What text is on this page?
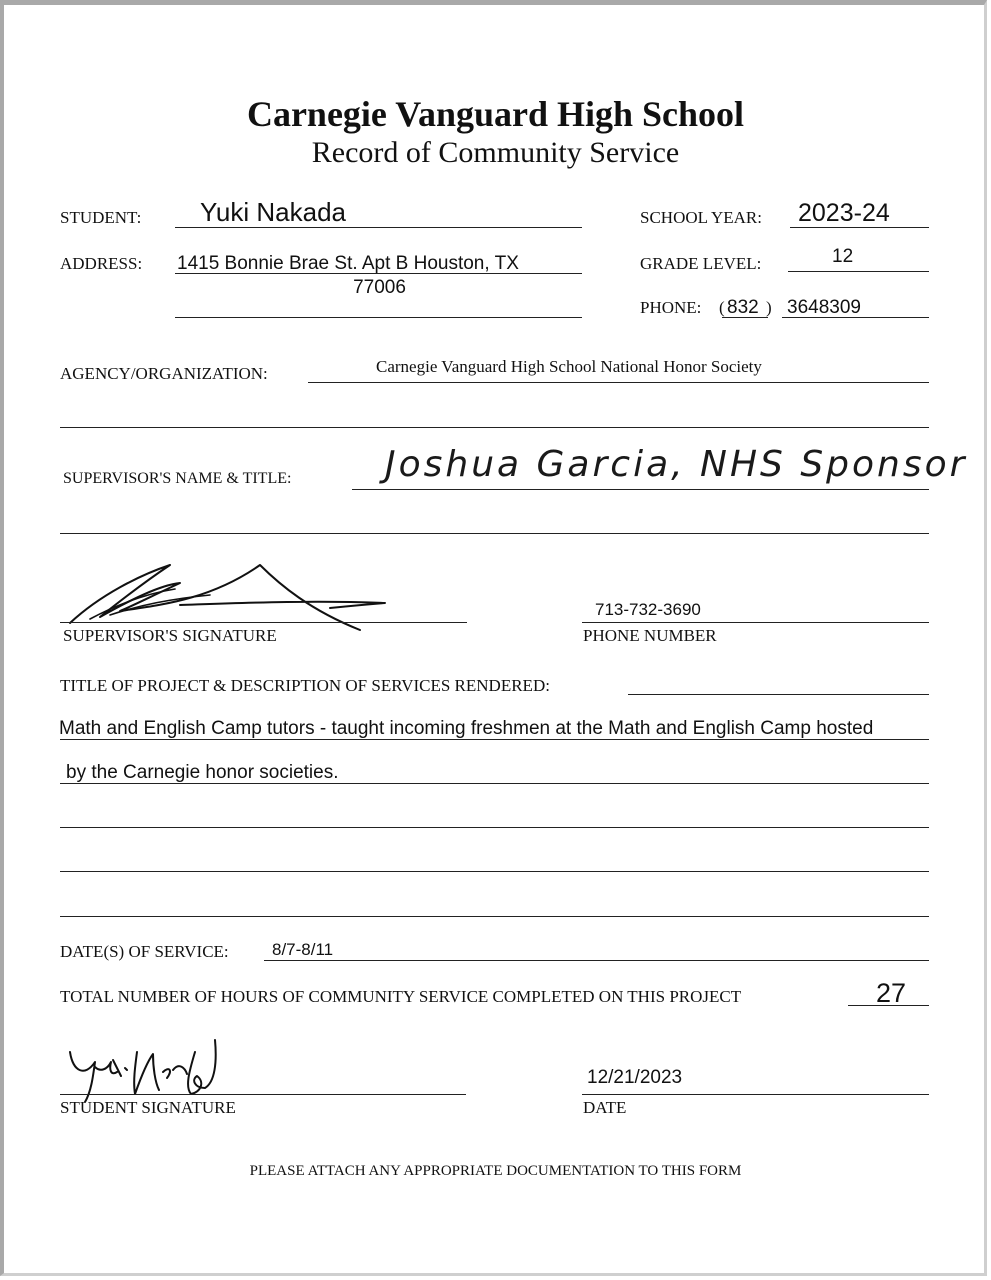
Carnegie Vanguard High School
Record of Community Service
STUDENT: Yuki Nakada	SCHOOL YEAR: 2023-24
ADDRESS: 1415 Bonnie Brae St. Apt B Houston, TX
77006
GRADE LEVEL:	12
PHONE: ( 832 ) 3648309
AGENCY/ORGANIZATION:	Carnegie Vanguard High School National Honor Society
SUPERVISOR'S NAME & TITLE:	Joshua Garcia, NHS Sponsor
SUPERVISOR'S SIGNATURE
713-732-3690
PHONE NUMBER
TITLE OF PROJECT & DESCRIPTION OF SERVICES RENDERED:
Math and English Camp tutors - taught incoming freshmen at the Math and English Camp hosted
by the Carnegie honor societies.
DATE(S) OF SERVICE:	8/7-8/11
TOTAL NUMBER OF HOURS OF COMMUNITY SERVICE COMPLETED ON THIS PROJECT	27
STUDENT SIGNATURE
12/21/2023
DATE
PLEASE ATTACH ANY APPROPRIATE DOCUMENTATION TO THIS FORM
